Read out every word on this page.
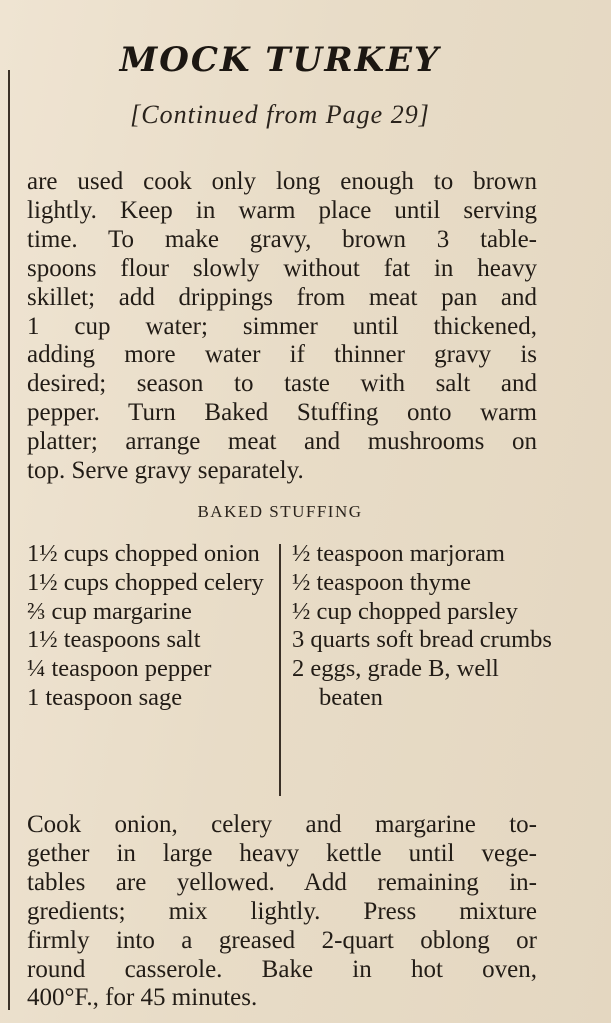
MOCK TURKEY
[Continued from Page 29]
are used cook only long enough to brown
lightly. Keep in warm place until serving
time. To make gravy, brown 3 table-
spoons flour slowly without fat in heavy
skillet; add drippings from meat pan and
1 cup water; simmer until thickened,
adding more water if thinner gravy is
desired; season to taste with salt and
pepper. Turn Baked Stuffing onto warm
platter; arrange meat and mushrooms on
top. Serve gravy separately.
BAKED STUFFING
1½ cups chopped onion
1½ cups chopped celery
⅔ cup margarine
1½ teaspoons salt
¼ teaspoon pepper
1 teaspoon sage
½ teaspoon marjoram
½ teaspoon thyme
½ cup chopped parsley
3 quarts soft bread crumbs
2 eggs, grade B, well beaten
Cook onion, celery and margarine to-
gether in large heavy kettle until vege-
tables are yellowed. Add remaining in-
gredients; mix lightly. Press mixture
firmly into a greased 2-quart oblong or
round casserole. Bake in hot oven,
400°F., for 45 minutes.
